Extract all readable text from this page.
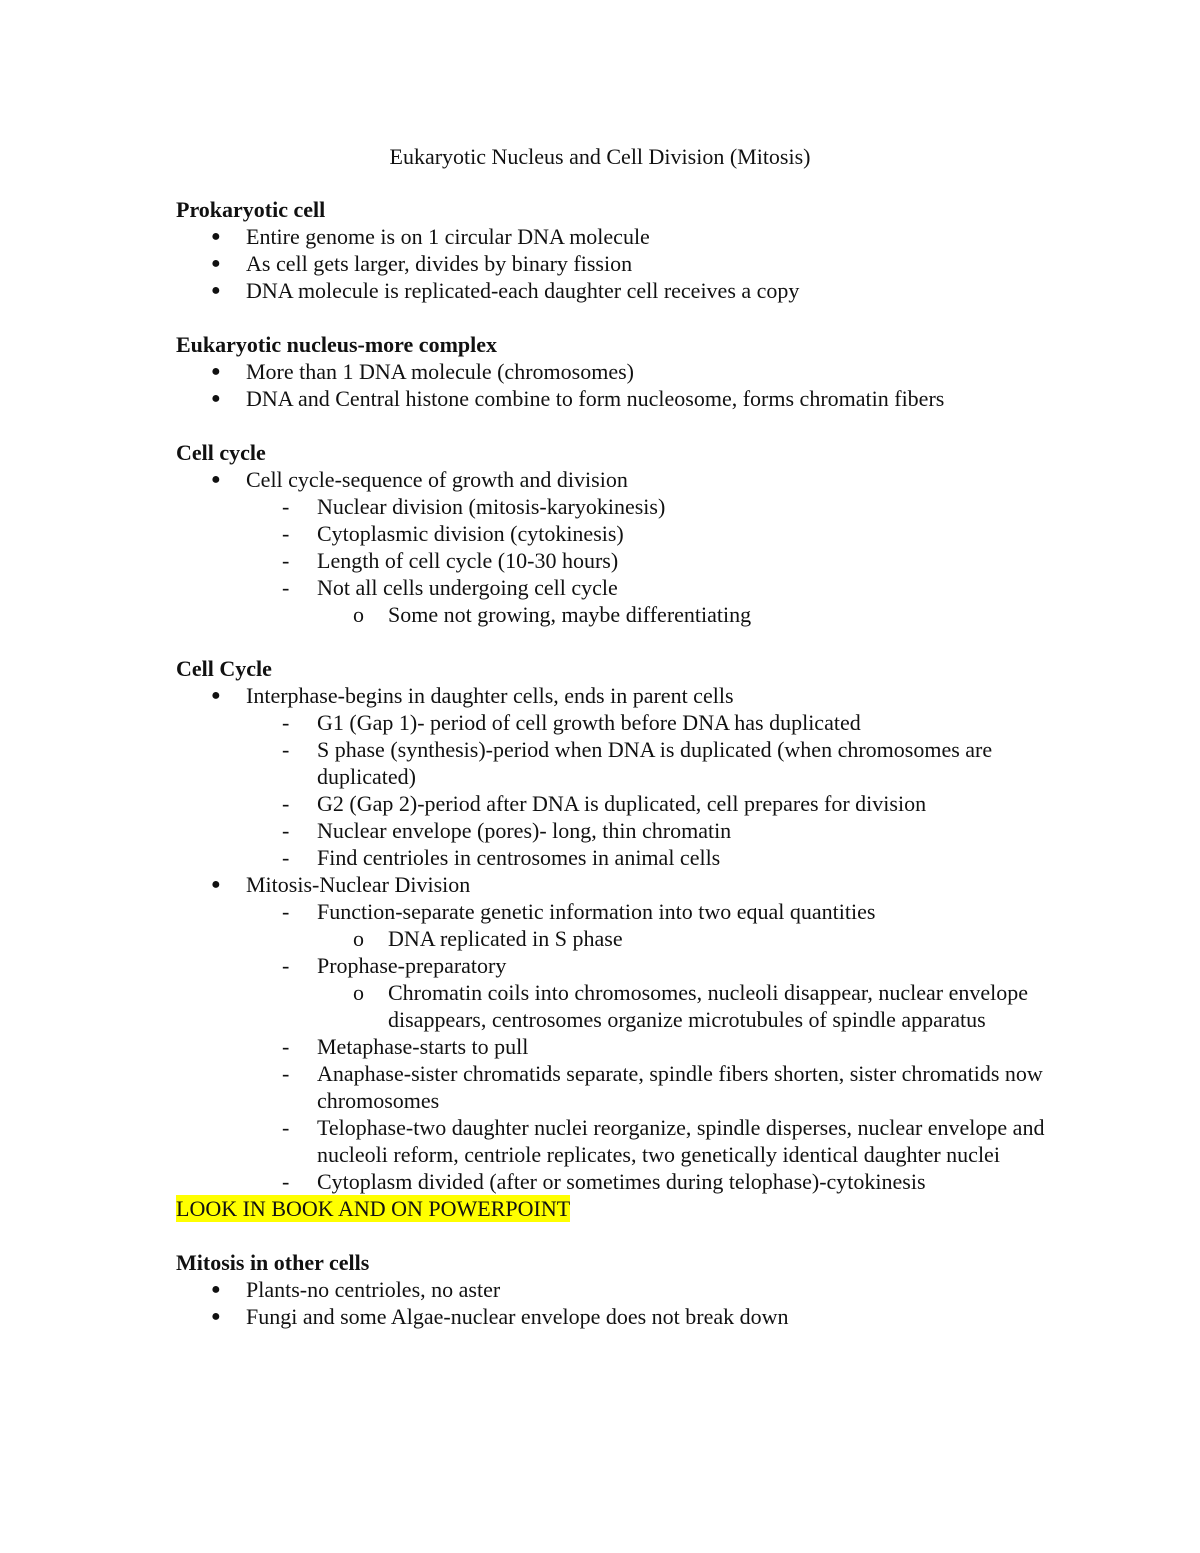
Eukaryotic Nucleus and Cell Division (Mitosis)
Prokaryotic cell
● Entire genome is on 1 circular DNA molecule
● As cell gets larger, divides by binary fission
● DNA molecule is replicated-each daughter cell receives a copy
Eukaryotic nucleus-more complex
● More than 1 DNA molecule (chromosomes)
● DNA and Central histone combine to form nucleosome, forms chromatin fibers
Cell cycle
● Cell cycle-sequence of growth and division
- Nuclear division (mitosis-karyokinesis)
- Cytoplasmic division (cytokinesis)
- Length of cell cycle (10-30 hours)
- Not all cells undergoing cell cycle
o Some not growing, maybe differentiating
Cell Cycle
● Interphase-begins in daughter cells, ends in parent cells
- G1 (Gap 1)- period of cell growth before DNA has duplicated
- S phase (synthesis)-period when DNA is duplicated (when chromosomes are duplicated)
- G2 (Gap 2)-period after DNA is duplicated, cell prepares for division
- Nuclear envelope (pores)- long, thin chromatin
- Find centrioles in centrosomes in animal cells
● Mitosis-Nuclear Division
- Function-separate genetic information into two equal quantities
o DNA replicated in S phase
- Prophase-preparatory
o Chromatin coils into chromosomes, nucleoli disappear, nuclear envelope disappears, centrosomes organize microtubules of spindle apparatus
- Metaphase-starts to pull
- Anaphase-sister chromatids separate, spindle fibers shorten, sister chromatids now chromosomes
- Telophase-two daughter nuclei reorganize, spindle disperses, nuclear envelope and nucleoli reform, centriole replicates, two genetically identical daughter nuclei
- Cytoplasm divided (after or sometimes during telophase)-cytokinesis
LOOK IN BOOK AND ON POWERPOINT
Mitosis in other cells
● Plants-no centrioles, no aster
● Fungi and some Algae-nuclear envelope does not break down
